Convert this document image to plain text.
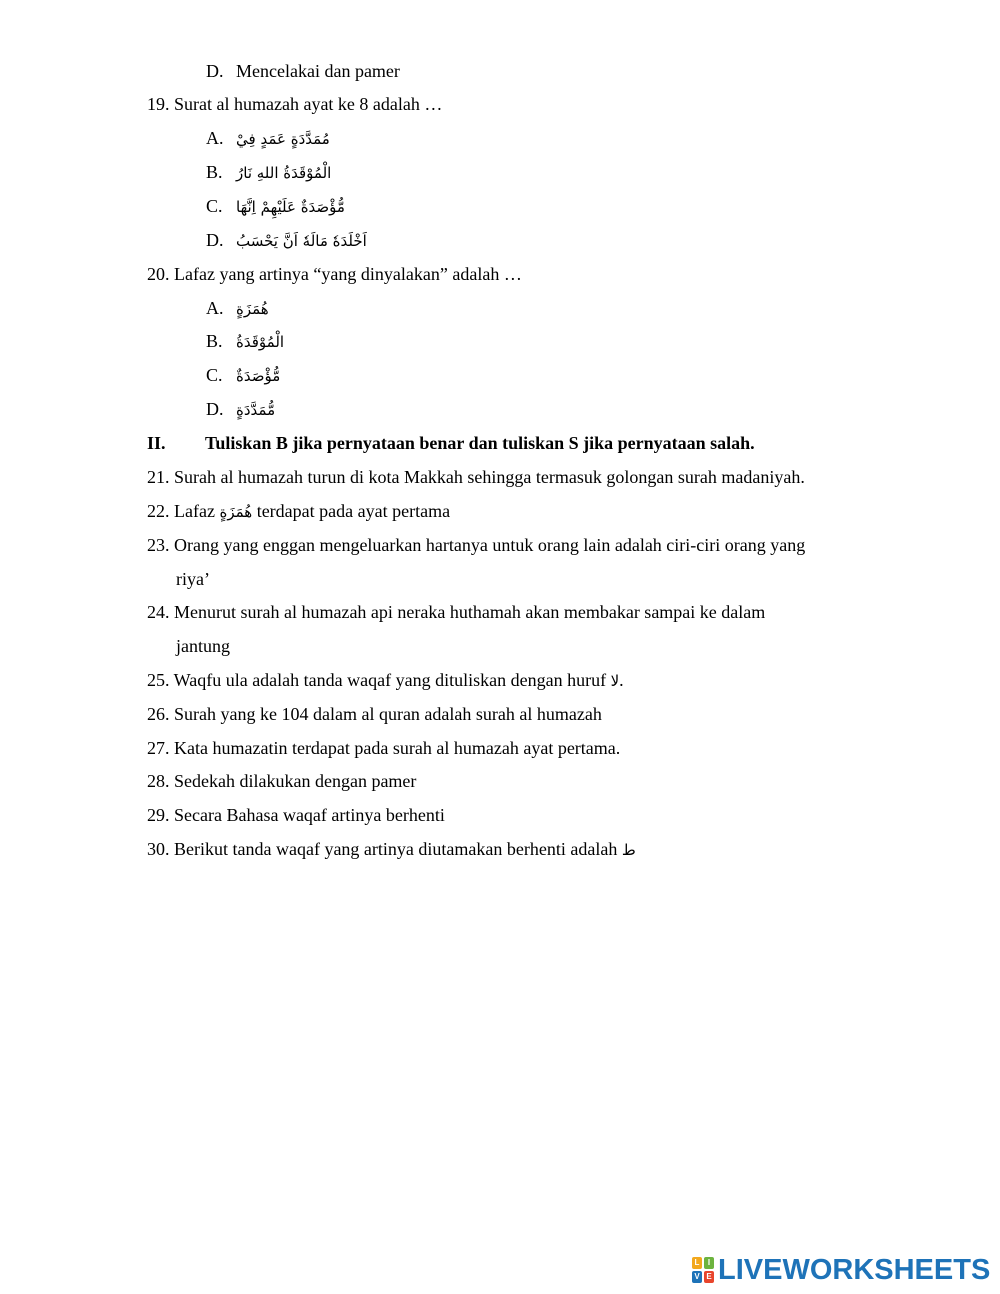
D. Mencelakai dan pamer
19. Surat al humazah ayat ke 8 adalah …
A. مُمَدَّدَةٍ عَمَدٍ فِيْ
B. الْمُوْقَدَةُ اللهِ نَارُ
C. مُّؤْصَدَةٌ عَلَيْهِمْ اِنَّهَا
D. اَخْلَدَهٗ مَالَهٗ اَنَّ يَحْسَبُ
20. Lafaz yang artinya “yang dinyalakan” adalah …
A. هُمَزَةٍ
B. الْمُوْقَدَةُ
C. مُّؤْصَدَةٌ
D. مُّمَدَّدَةٍ
II. Tuliskan B jika pernyataan benar dan tuliskan S jika pernyataan salah.
21. Surah al humazah turun di kota Makkah sehingga termasuk golongan surah madaniyah.
22. Lafaz هُمَزَةٍ terdapat pada ayat pertama
23. Orang yang enggan mengeluarkan hartanya untuk orang lain adalah ciri-ciri orang yang
riya’
24. Menurut surah al humazah api neraka huthamah akan membakar sampai ke dalam
jantung
25. Waqfu ula adalah tanda waqaf yang dituliskan dengan huruf لا.
26. Surah yang ke 104 dalam al quran adalah surah al humazah
27. Kata humazatin terdapat pada surah al humazah ayat pertama.
28. Sedekah dilakukan dengan pamer
29. Secara Bahasa waqaf artinya berhenti
30. Berikut tanda waqaf yang artinya diutamakan berhenti adalah ط
L	I
V E LIVEWORKSHEETS
